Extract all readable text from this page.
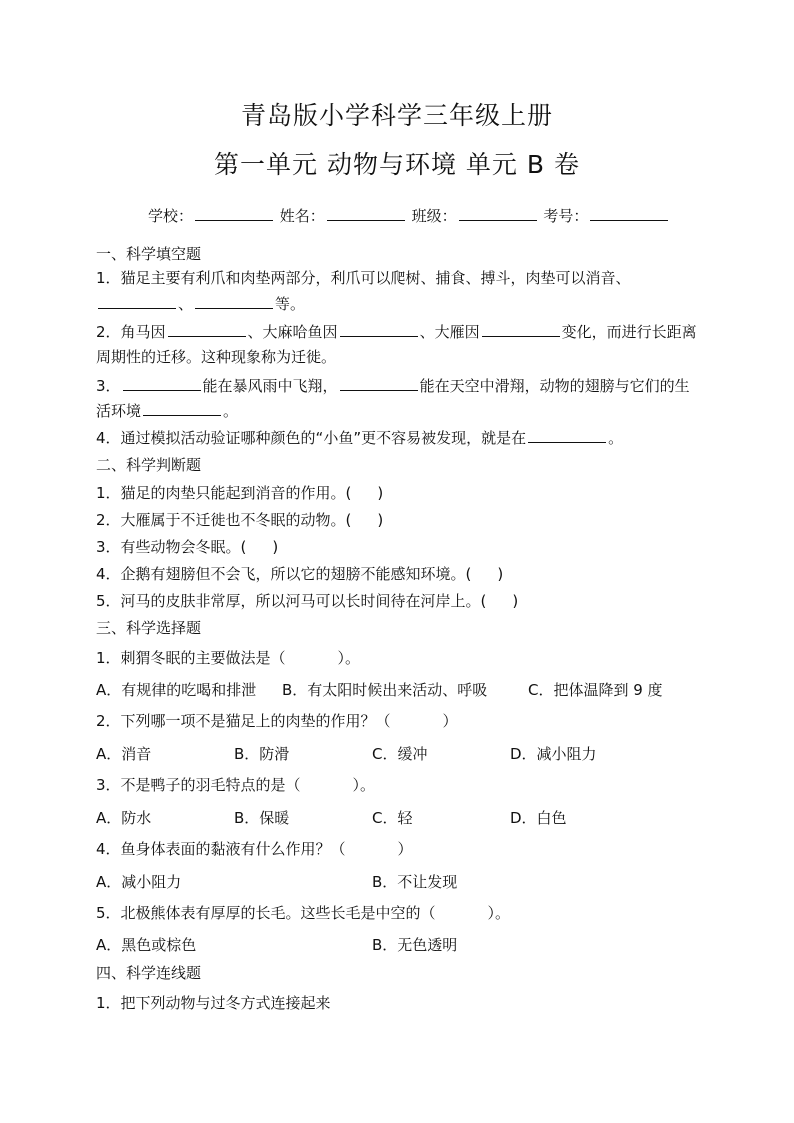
青岛版小学科学三年级上册
第一单元 动物与环境 单元 B 卷
学校：	姓名：	班级：	考号：
一、科学填空题
1．猫足主要有利爪和肉垫两部分，利爪可以爬树、捕食、搏斗，肉垫可以消音、
、	等。
2．角马因	、大麻哈鱼因	、大雁因	变化，而进行长距离
周期性的迁移。这种现象称为迁徙。
3．	能在暴风雨中飞翔，	能在天空中滑翔，动物的翅膀与它们的生
活环境	。
4．通过模拟活动验证哪种颜色的“小鱼”更不容易被发现，就是在	。
二、科学判断题
1．猫足的肉垫只能起到消音的作用。( )
2．大雁属于不迁徙也不冬眠的动物。( )
3．有些动物会冬眠。( )
4．企鹅有翅膀但不会飞，所以它的翅膀不能感知环境。( )
5．河马的皮肤非常厚，所以河马可以长时间待在河岸上。( )
三、科学选择题
1．刺猬冬眠的主要做法是（	）。
A．有规律的吃喝和排泄 B．有太阳时候出来活动、呼吸	C．把体温降到 9 度
2．下列哪一项不是猫足上的肉垫的作用？（	）
A．消音	B．防滑	C．缓冲	D．减小阻力
3．不是鸭子的羽毛特点的是（	）。
A．防水	B．保暖	C．轻	D．白色
4．鱼身体表面的黏液有什么作用？（	）
A．减小阻力	B．不让发现
5．北极熊体表有厚厚的长毛。这些长毛是中空的（	）。
A．黑色或棕色	B．无色透明
四、科学连线题
1．把下列动物与过冬方式连接起来
